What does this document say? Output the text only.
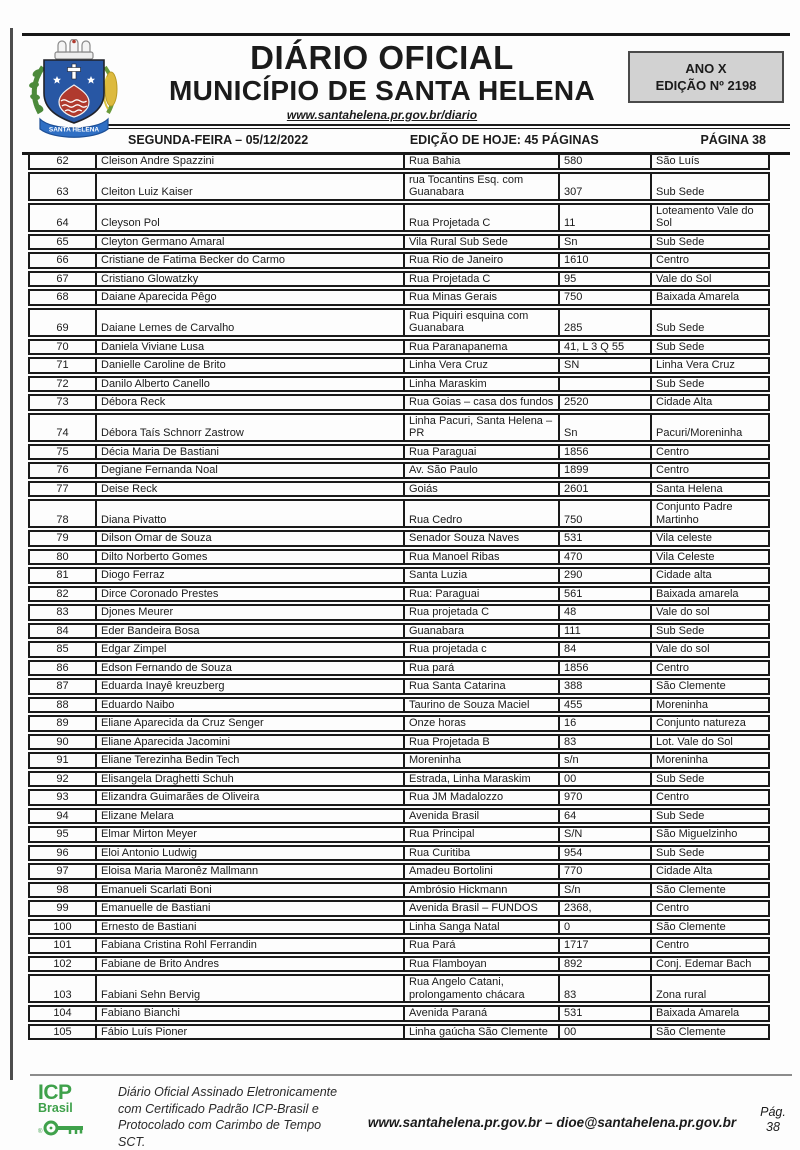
SANTA HELENA
DIÁRIO OFICIAL
MUNICÍPIO DE SANTA HELENA
www.santahelena.pr.gov.br/diario
ANO X
EDIÇÃO Nº 2198
SEGUNDA-FEIRA – 05/12/2022	EDIÇÃO DE HOJE: 45 PÁGINAS	PÁGINA 38
62	Cleison Andre Spazzini	Rua Bahia	580	São Luís
63	Cleiton Luiz Kaiser	rua Tocantins Esq. com Guanabara	307	Sub Sede
64	Cleyson Pol	Rua Projetada C	11	Loteamento Vale do Sol
65	Cleyton Germano Amaral	Vila Rural Sub Sede	Sn	Sub Sede
66	Cristiane de Fatima Becker do Carmo	Rua Rio de Janeiro	1610	Centro
67	Cristiano Glowatzky	Rua Projetada C	95	Vale do Sol
68	Daiane Aparecida Pêgo	Rua Minas Gerais	750	Baixada Amarela
69	Daiane Lemes de Carvalho	Rua Piquiri esquina com Guanabara	285	Sub Sede
70	Daniela Viviane Lusa	Rua Paranapanema	41, L 3 Q 55	Sub Sede
71	Danielle Caroline de Brito	Linha Vera Cruz	SN	Linha Vera Cruz
72	Danilo Alberto Canello	Linha Maraskim		Sub Sede
73	Débora Reck	Rua Goias – casa dos fundos	2520	Cidade Alta
74	Débora Taís Schnorr Zastrow	Linha Pacuri, Santa Helena – PR	Sn	Pacuri/Moreninha
75	Décia Maria De Bastiani	Rua Paraguai	1856	Centro
76	Degiane Fernanda Noal	Av. São Paulo	1899	Centro
77	Deise Reck	Goiás	2601	Santa Helena
78	Diana Pivatto	Rua Cedro	750	Conjunto Padre Martinho
79	Dilson Omar de Souza	Senador Souza Naves	531	Vila celeste
80	Dilto Norberto Gomes	Rua Manoel Ribas	470	Vila Celeste
81	Diogo Ferraz	Santa Luzia	290	Cidade alta
82	Dirce Coronado Prestes	Rua: Paraguai	561	Baixada amarela
83	Djones Meurer	Rua projetada C	48	Vale do sol
84	Eder Bandeira Bosa	Guanabara	111	Sub Sede
85	Edgar Zimpel	Rua projetada c	84	Vale do sol
86	Edson Fernando de Souza	Rua pará	1856	Centro
87	Eduarda Inayê kreuzberg	Rua Santa Catarina	388	São Clemente
88	Eduardo Naibo	Taurino de Souza Maciel	455	Moreninha
89	Eliane Aparecida da Cruz Senger	Onze horas	16	Conjunto natureza
90	Eliane Aparecida Jacomini	Rua Projetada B	83	Lot. Vale do Sol
91	Eliane Terezinha Bedin Tech	Moreninha	s/n	Moreninha
92	Elisangela Draghetti Schuh	Estrada, Linha Maraskim	00	Sub Sede
93	Elizandra Guimarães de Oliveira	Rua JM Madalozzo	970	Centro
94	Elizane Melara	Avenida Brasil	64	Sub Sede
95	Elmar Mirton Meyer	Rua Principal	S/N	São Miguelzinho
96	Eloi Antonio Ludwig	Rua Curitiba	954	Sub Sede
97	Eloisa Maria Maronêz Mallmann	Amadeu Bortolini	770	Cidade Alta
98	Emanueli Scarlati Boni	Ambrósio Hickmann	S/n	São Clemente
99	Emanuelle de Bastiani	Avenida Brasil – FUNDOS	2368,	Centro
100	Ernesto de Bastiani	Linha Sanga Natal	0	São Clemente
101	Fabiana Cristina Rohl Ferrandin	Rua Pará	1717	Centro
102	Fabiane de Brito Andres	Rua Flamboyan	892	Conj. Edemar Bach
103	Fabiani Sehn Bervig	Rua Angelo Catani, prolongamento chácara	83	Zona rural
104	Fabiano Bianchi	Avenida Paraná	531	Baixada Amarela
105	Fábio Luís Pioner	Linha gaúcha São Clemente	00	São Clemente
ICP
Brasil
®
Diário Oficial Assinado Eletronicamente com Certificado Padrão ICP-Brasil e Protocolado com Carimbo de Tempo SCT.
www.santahelena.pr.gov.br – dioe@santahelena.pr.gov.br
Pág.
38
